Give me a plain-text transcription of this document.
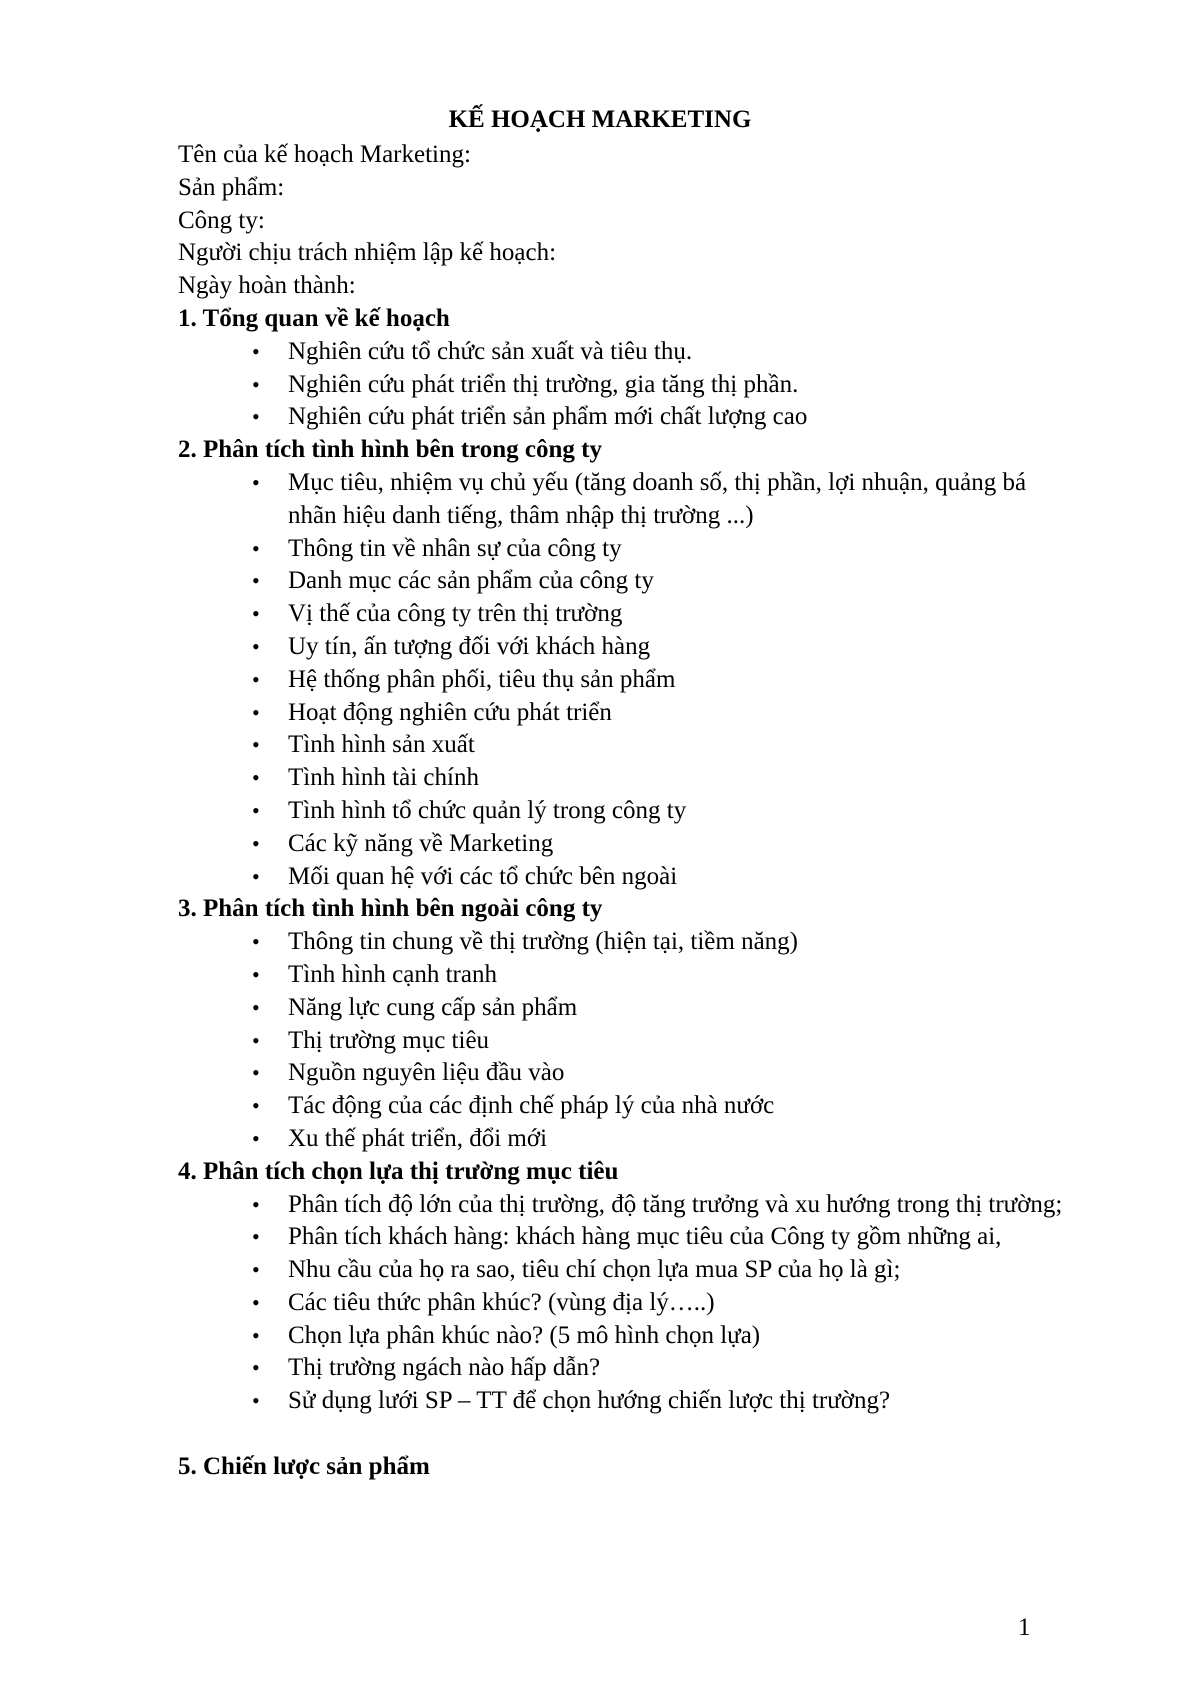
KẾ HOẠCH MARKETING

Tên của kế hoạch Marketing:

Sản phẩm:

Công ty:

Người chịu trách nhiệm lập kế hoạch:

Ngày hoàn thành:

1. Tổng quan về kế hoạch

• Nghiên cứu tổ chức sản xuất và tiêu thụ.
• Nghiên cứu phát triển thị trường, gia tăng thị phần.
• Nghiên cứu phát triển sản phẩm mới chất lượng cao

2. Phân tích tình hình bên trong công ty

• Mục tiêu, nhiệm vụ chủ yếu (tăng doanh số, thị phần, lợi nhuận, quảng bá nhãn hiệu danh tiếng, thâm nhập thị trường ...)
• Thông tin về nhân sự của công ty
• Danh mục các sản phẩm của công ty
• Vị thế của công ty trên thị trường
• Uy tín, ấn tượng đối với khách hàng
• Hệ thống phân phối, tiêu thụ sản phẩm
• Hoạt động nghiên cứu phát triển
• Tình hình sản xuất
• Tình hình tài chính
• Tình hình tổ chức quản lý trong công ty
• Các kỹ năng về Marketing
• Mối quan hệ với các tổ chức bên ngoài

3. Phân tích tình hình bên ngoài công ty

• Thông tin chung về thị trường (hiện tại, tiềm năng)
• Tình hình cạnh tranh
• Năng lực cung cấp sản phẩm
• Thị trường mục tiêu
• Nguồn nguyên liệu đầu vào
• Tác động của các định chế pháp lý của nhà nước
• Xu thế phát triển, đổi mới

4. Phân tích chọn lựa thị trường mục tiêu

• Phân tích độ lớn của thị trường, độ tăng trưởng và xu hướng trong thị trường;
• Phân tích khách hàng: khách hàng mục tiêu của Công ty gồm những ai,
• Nhu cầu của họ ra sao, tiêu chí chọn lựa mua SP của họ là gì;
• Các tiêu thức phân khúc? (vùng địa lý…..)
• Chọn lựa phân khúc nào? (5 mô hình chọn lựa)
• Thị trường ngách nào hấp dẫn?
• Sử dụng lưới SP – TT để chọn hướng chiến lược thị trường?

5. Chiến lược sản phẩm

1
